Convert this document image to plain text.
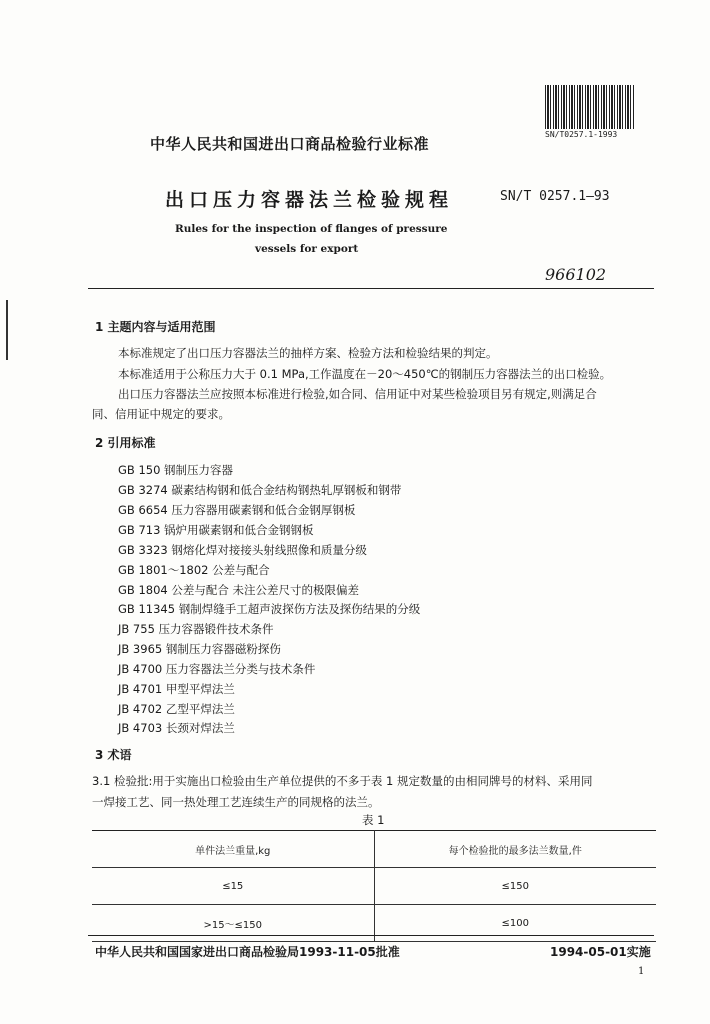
SN/T0257.1-1993
中华人民共和国进出口商品检验行业标准
出口压力容器法兰检验规程	SN/T 0257.1—93
Rules for the inspection of flanges of pressure
vessels for export
966102
1 主题内容与适用范围
本标准规定了出口压力容器法兰的抽样方案、检验方法和检验结果的判定。
本标准适用于公称压力大于 0.1 MPa,工作温度在－20～450℃的钢制压力容器法兰的出口检验。
出口压力容器法兰应按照本标准进行检验,如合同、信用证中对某些检验项目另有规定,则满足合
同、信用证中规定的要求。
2 引用标准
GB 150 钢制压力容器
GB 3274 碳素结构钢和低合金结构钢热轧厚钢板和钢带
GB 6654 压力容器用碳素钢和低合金钢厚钢板
GB 713 锅炉用碳素钢和低合金钢钢板
GB 3323 钢熔化焊对接接头射线照像和质量分级
GB 1801～1802 公差与配合
GB 1804 公差与配合 未注公差尺寸的极限偏差
GB 11345 钢制焊缝手工超声波探伤方法及探伤结果的分级
JB 755 压力容器锻件技术条件
JB 3965 钢制压力容器磁粉探伤
JB 4700 压力容器法兰分类与技术条件
JB 4701 甲型平焊法兰
JB 4702 乙型平焊法兰
JB 4703 长颈对焊法兰
3 术语
3.1 检验批:用于实施出口检验由生产单位提供的不多于表 1 规定数量的由相同牌号的材料、采用同
一焊接工艺、同一热处理工艺连续生产的同规格的法兰。
表 1
单件法兰重量,kg	每个检验批的最多法兰数量,件
≤15	≤150
>15～≤150	≤100
中华人民共和国国家进出口商品检验局1993-11-05批准	1994-05-01实施
1
